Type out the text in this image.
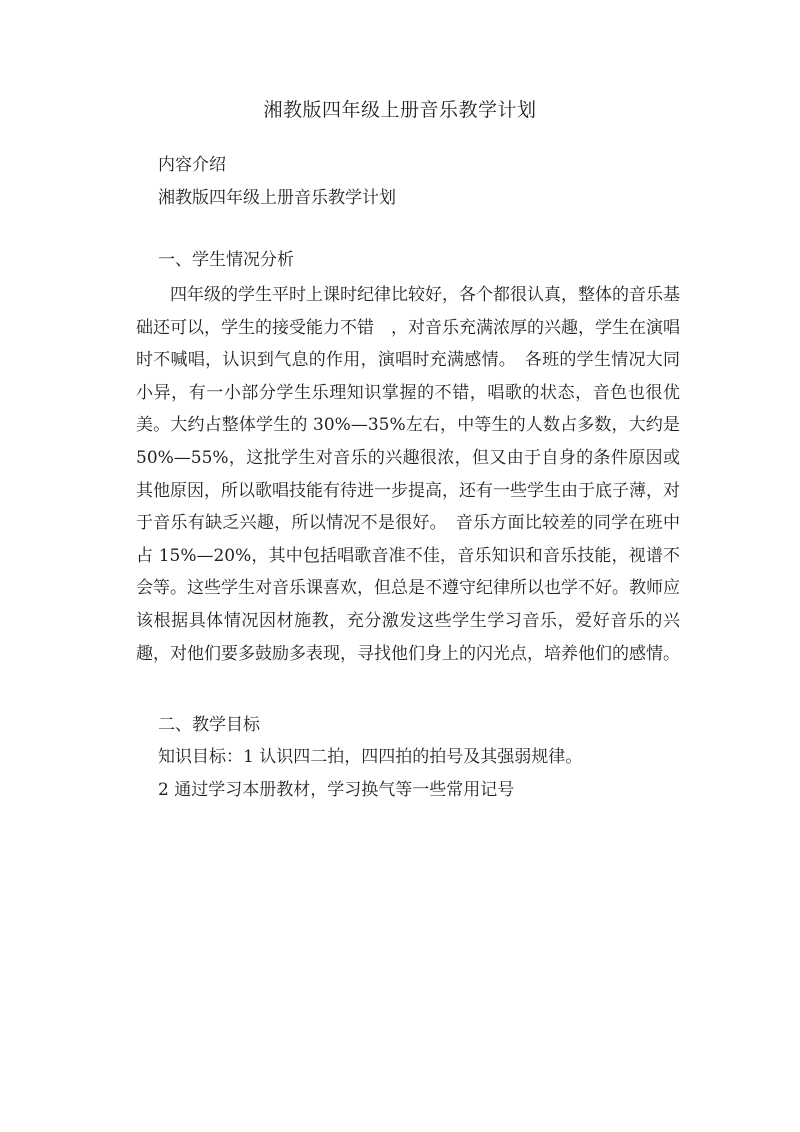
湘教版四年级上册音乐教学计划
内容介绍
湘教版四年级上册音乐教学计划
一、学生情况分析

四年级的学生平时上课时纪律比较好，各个都很认真，整体的音乐基础还可以，学生的接受能力不错　，对音乐充满浓厚的兴趣，学生在演唱时不喊唱，认识到气息的作用，演唱时充满感情。　各班的学生情况大同小异，有一小部分学生乐理知识掌握的不错，唱歌的状态，音色也很优美。大约占整体学生的 30%—35%左右，中等生的人数占多数，大约是 50%—55%，这批学生对音乐的兴趣很浓，但又由于自身的条件原因或其他原因，所以歌唱技能有待进一步提高，还有一些学生由于底子薄，对于音乐有缺乏兴趣，所以情况不是很好。　音乐方面比较差的同学在班中占 15%—20%，其中包括唱歌音准不佳，音乐知识和音乐技能，视谱不会等。这些学生对音乐课喜欢，但总是不遵守纪律所以也学不好。教师应该根据具体情况因材施教，充分激发这些学生学习音乐，爱好音乐的兴趣，对他们要多鼓励多表现，寻找他们身上的闪光点，培养他们的感情。

二、教学目标
知识目标：1 认识四二拍，四四拍的拍号及其强弱规律。
2 通过学习本册教材，学习换气等一些常用记号
